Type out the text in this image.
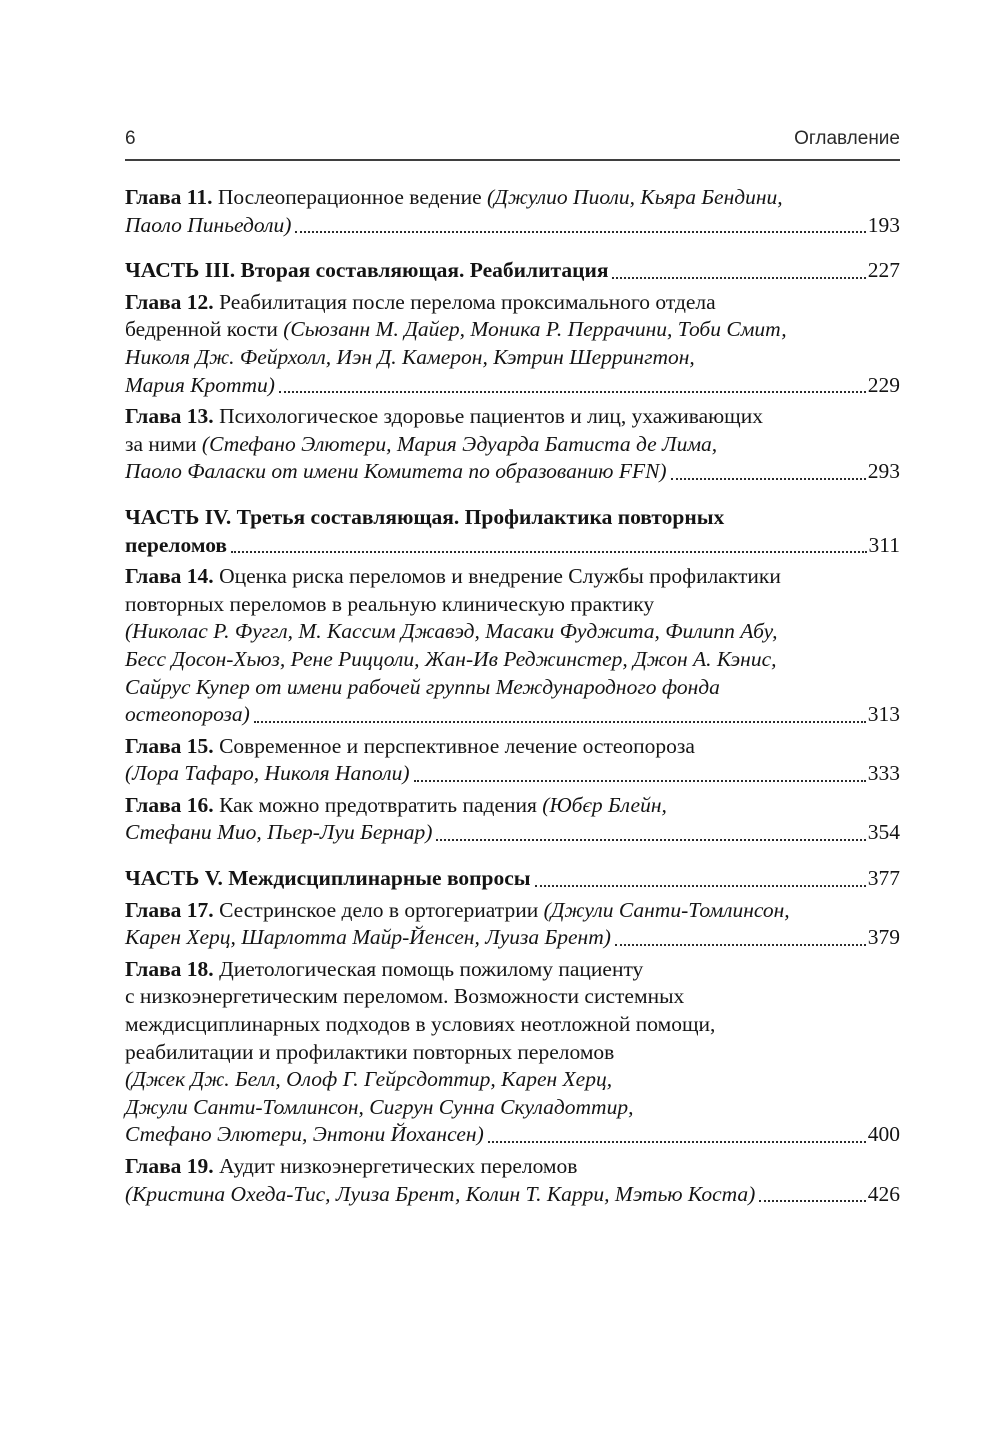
6	Оглавление
Глава 11. Послеоперационное ведение (Джулио Пиоли, Кьяра Бендини,
Паоло Пиньедоли)	193
ЧАСТЬ III. Вторая составляющая. Реабилитация	227
Глава 12. Реабилитация после перелома проксимального отдела
бедренной кости (Сьюзанн М. Дайер, Моника Р. Перрачини, Тоби Смит,
Николя Дж. Фейрхолл, Иэн Д. Камерон, Кэтрин Шеррингтон,
Мария Кротти)	229
Глава 13. Психологическое здоровье пациентов и лиц, ухаживающих
за ними (Стефано Элютери, Мария Эдуарда Батиста де Лима,
Паоло Фаласки от имени Комитета по образованию FFN)	293
ЧАСТЬ IV. Третья составляющая. Профилактика повторных
переломов	311
Глава 14. Оценка риска переломов и внедрение Службы профилактики
повторных переломов в реальную клиническую практику
(Николас Р. Фуггл, М. Кассим Джавэд, Масаки Фуджита, Филипп Абу,
Бесс Досон-Хьюз, Рене Риццоли, Жан-Ив Реджинстер, Джон А. Кэнис,
Сайрус Купер от имени рабочей группы Международного фонда
остеопороза)	313
Глава 15. Современное и перспективное лечение остеопороза
(Лора Тафаро, Николя Наполи)	333
Глава 16. Как можно предотвратить падения (Юбєр Блейн,
Стефани Мио, Пьер-Луи Бернар)	354
ЧАСТЬ V. Междисциплинарные вопросы	377
Глава 17. Сестринское дело в ортогериатрии (Джули Санти-Томлинсон,
Карен Херц, Шарлотта Майр-Йенсен, Луиза Брент)	379
Глава 18. Диетологическая помощь пожилому пациенту
с низкоэнергетическим переломом. Возможности системных
междисциплинарных подходов в условиях неотложной помощи,
реабилитации и профилактики повторных переломов
(Джек Дж. Белл, Олоф Г. Гейрсдоттир, Карен Херц,
Джули Санти-Томлинсон, Сигрун Сунна Скуладоттир,
Стефано Элютери, Энтони Йохансен)	400
Глава 19. Аудит низкоэнергетических переломов
(Кристина Охеда-Тис, Луиза Брент, Колин Т. Карри, Мэтью Коста)	426
